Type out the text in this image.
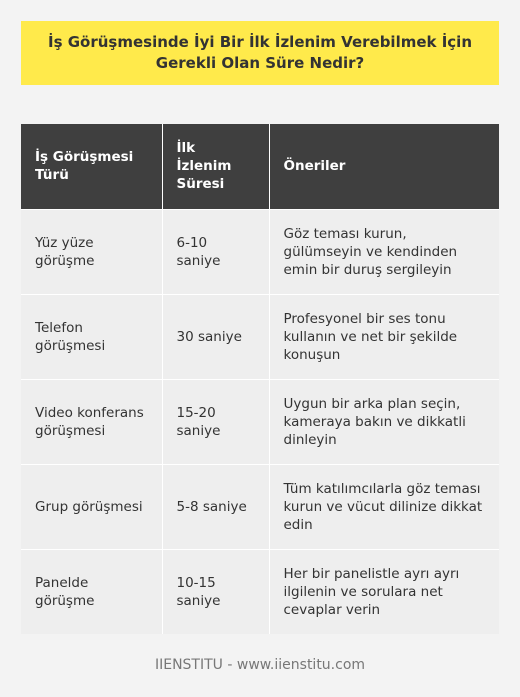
İş Görüşmesinde İyi Bir İlk İzlenim Verebilmek İçin Gerekli Olan Süre Nedir?
İş Görüşmesi Türü	İlk İzlenim Süresi	Öneriler
Yüz yüze görüşme	6-10 saniye	Göz teması kurun, gülümseyin ve kendinden emin bir duruş sergileyin
Telefon görüşmesi	30 saniye	Profesyonel bir ses tonu kullanın ve net bir şekilde konuşun
Video konferans görüşmesi	15-20 saniye	Uygun bir arka plan seçin, kameraya bakın ve dikkatli dinleyin
Grup görüşmesi	5-8 saniye	Tüm katılımcılarla göz teması kurun ve vücut dilinize dikkat edin
Panelde görüşme	10-15 saniye	Her bir panelistle ayrı ayrı ilgilenin ve sorulara net cevaplar verin
IIENSTITU - www.iienstitu.com
